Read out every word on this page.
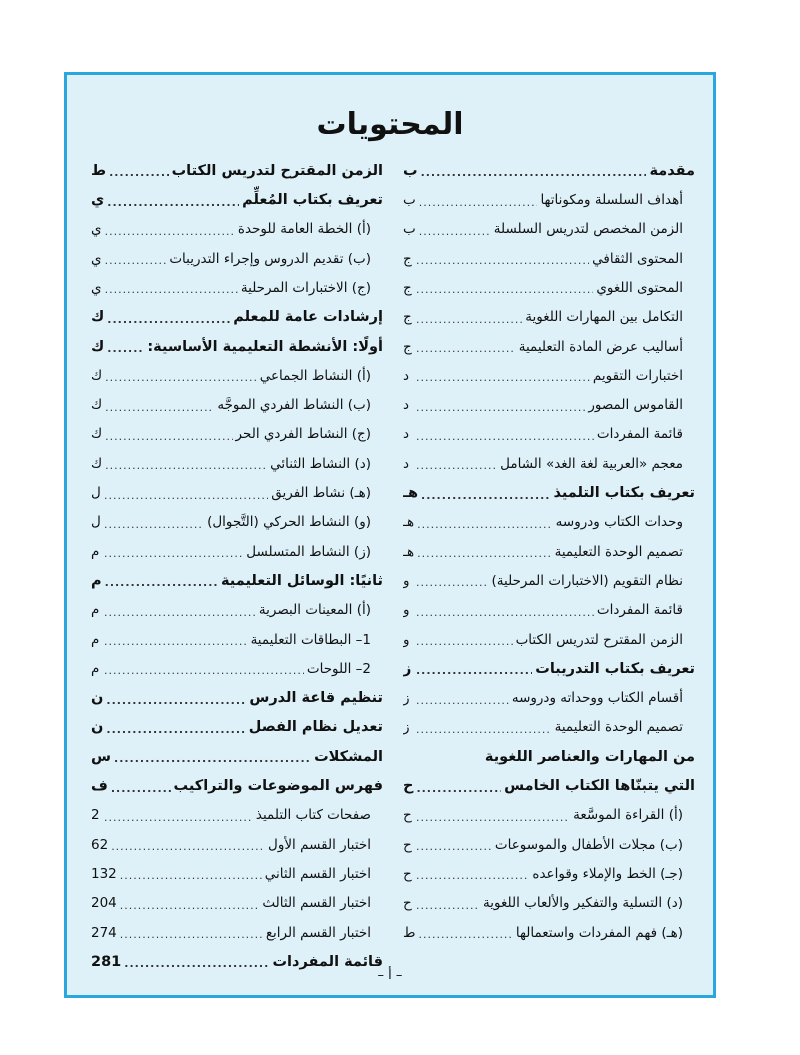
المحتويات
مقدمة
.....
ب
أهداف السلسلة ومكوناتها
.....
ب
الزمن المخصص لتدريس السلسلة
.....
ب
المحتوى الثقافي
.....
ج
المحتوى اللغوي
.....
ج
التكامل بين المهارات اللغوية
.....
ج
أساليب عرض المادة التعليمية
.....
ج
اختبارات التقويم
.....
د
القاموس المصور
.....
د
قائمة المفردات
.....
د
معجم «العربية لغة الغد» الشامل
.....
د
تعريف بكتاب التلميذ
.....
هـ
وحدات الكتاب ودروسه
.....
هـ
تصميم الوحدة التعليمية
.....
هـ
نظام التقويم (الاختبارات المرحلية)
.....
و
قائمة المفردات
.....
و
الزمن المقترح لتدريس الكتاب
.....
و
تعريف بكتاب التدريبات
.....
ز
أقسام الكتاب ووحداته ودروسه
.....
ز
تصميم الوحدة التعليمية
.....
ز
من المهارات والعناصر اللغوية
التي يتبنّاها الكتاب الخامس
.....
ح
(أ) القراءة الموسَّعة
.....
ح
(ب) مجلات الأطفال والموسوعات
.....
ح
(جـ) الخط والإملاء وقواعده
.....
ح
(د) التسلية والتفكير والألعاب اللغوية
.....
ح
(هـ) فهم المفردات واستعمالها
.....
ط
الزمن المقترح لتدريس الكتاب
.....
ط
تعريف بكتاب المُعلِّم
.....
ي
(أ) الخطة العامة للوحدة
.....
ي
(ب) تقديم الدروس وإجراء التدريبات
.....
ي
(ج) الاختبارات المرحلية
.....
ي
إرشادات عامة للمعلم
.....
ك
أولًا: الأنشطة التعليمية الأساسية:
.....
ك
(أ) النشاط الجماعي
.....
ك
(ب) النشاط الفردي الموجَّه
.....
ك
(ج) النشاط الفردي الحر
.....
ك
(د) النشاط الثنائي
.....
ك
(هـ) نشاط الفريق
.....
ل
(و) النشاط الحركي (التَّجوال)
.....
ل
(ز) النشاط المتسلسل
.....
م
ثانيًا: الوسائل التعليمية
.....
م
(أ) المعينات البصرية
.....
م
1– البطاقات التعليمية
.....
م
2– اللوحات
.....
م
تنظيم قاعة الدرس
.....
ن
تعديل نظام الفصل
.....
ن
المشكلات
.....
س
فهرس الموضوعات والتراكيب
.....
ف
صفحات كتاب التلميذ
.....
2
اختبار القسم الأول
.....
62
اختبار القسم الثاني
.....
132
اختبار القسم الثالث
.....
204
اختبار القسم الرابع
.....
274
قائمة المفردات
.....
281
– أ –
